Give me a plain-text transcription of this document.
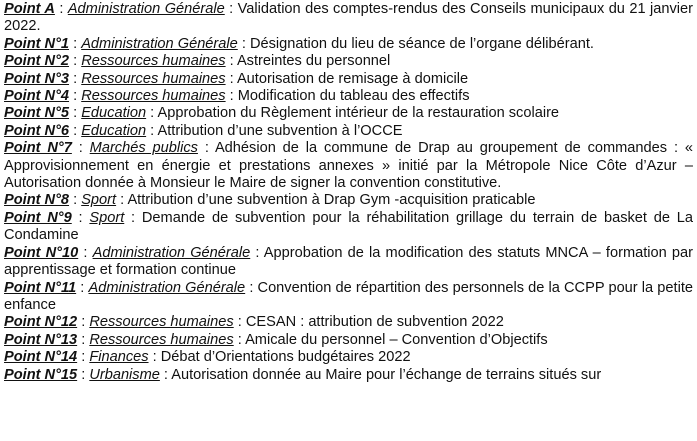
Point A : Administration Générale : Validation des comptes-rendus des Conseils municipaux du 21 janvier 2022.

Point N°1 : Administration Générale : Désignation du lieu de séance de l’organe délibérant.

Point N°2 : Ressources humaines : Astreintes du personnel

Point N°3 : Ressources humaines : Autorisation de remisage à domicile

Point N°4 : Ressources humaines : Modification du tableau des effectifs

Point N°5 : Education : Approbation du Règlement intérieur de la restauration scolaire

Point N°6 : Education : Attribution d’une subvention à l’OCCE

Point N°7 : Marchés publics : Adhésion de la commune de Drap au groupement de commandes : « Approvisionnement en énergie et prestations annexes » initié par la Métropole Nice Côte d’Azur – Autorisation donnée à Monsieur le Maire de signer la convention constitutive.

Point N°8 : Sport : Attribution d’une subvention à Drap Gym -acquisition praticable

Point N°9 : Sport : Demande de subvention pour la réhabilitation grillage du terrain de basket de La Condamine

Point N°10 : Administration Générale : Approbation de la modification des statuts MNCA – formation par apprentissage et formation continue

Point N°11 : Administration Générale : Convention de répartition des personnels de la CCPP pour la petite enfance

Point N°12 : Ressources humaines : CESAN : attribution de subvention 2022

Point N°13 : Ressources humaines : Amicale du personnel – Convention d’Objectifs

Point N°14 : Finances : Débat d’Orientations budgétaires 2022

Point N°15 : Urbanisme : Autorisation donnée au Maire pour l’échange de terrains situés sur
